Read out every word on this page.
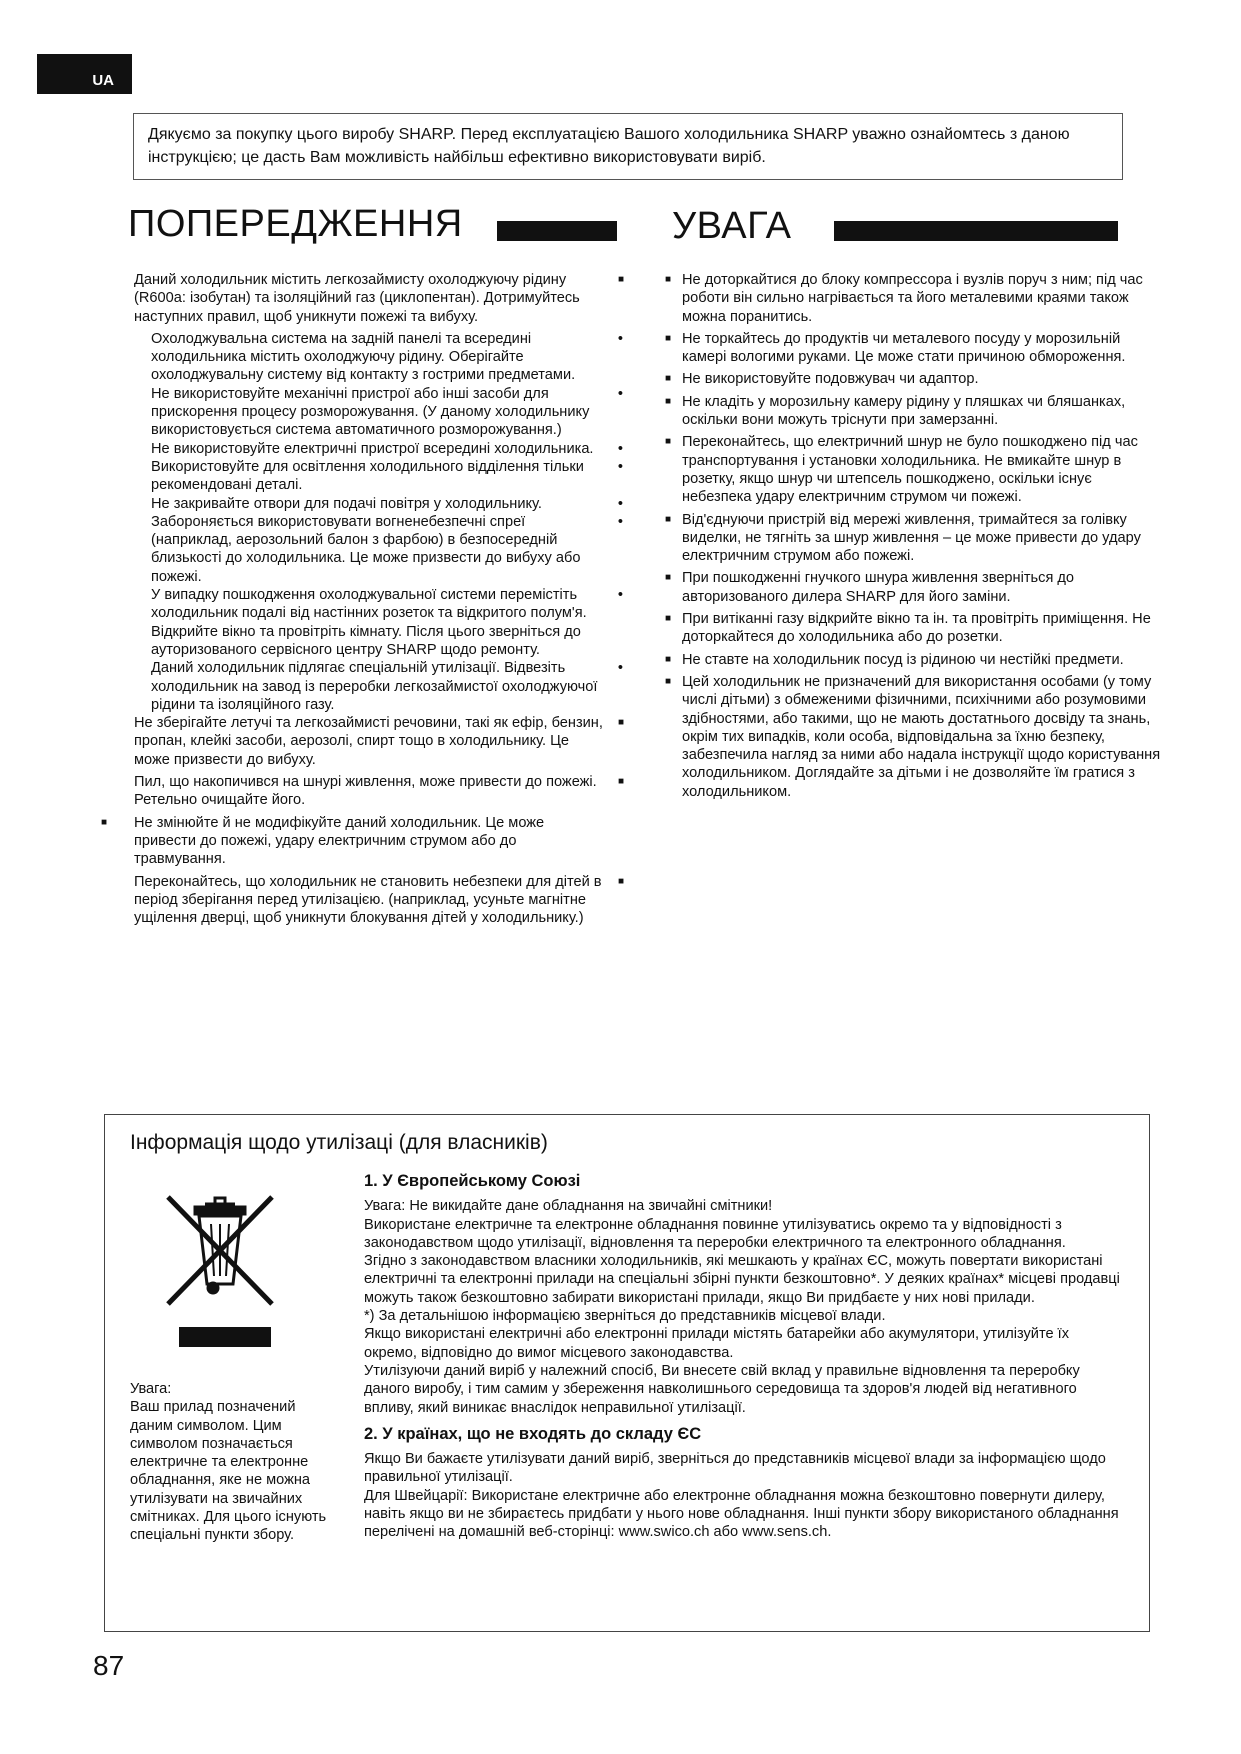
UA
Дякуємо за покупку цього виробу SHARP. Перед експлуатацією Вашого холодильника SHARP уважно ознайомтесь з даною інструкцією; це дасть Вам можливість найбільш ефективно використовувати виріб.
ПОПЕРЕДЖЕННЯ	УВАГА

Даний холодильник містить легкозаймисту охолоджуючу рідину (R600a: ізобутан) та ізоляційний газ (циклопентан). Дотримуйтесь наступних правил, щоб уникнути пожежі та вибуху. ■

Охолоджувальна система на задній панелі та всередині холодильника містить охолоджуючу рідину. Оберігайте охолоджувальну систему від контакту з гострими предметами. •

Не використовуйте механічні пристрої або інші засоби для прискорення процесу розморожування. (У даному холодильнику використовується система автоматичного розморожування.) •

Не використовуйте електричні пристрої всередині холодильника. •

Використовуйте для освітлення холодильного відділення тільки рекомендовані деталі. •

Не закривайте отвори для подачі повітря у холодильнику. •

Забороняється використовувати вогненебезпечні спреї (наприклад, аерозольний балон з фарбою) в безпосередній близькості до холодильника. Це може призвести до вибуху або пожежі. •

У випадку пошкодження охолоджувальної системи перемістіть холодильник подалі від настінних розеток та відкритого полум'я. Відкрийте вікно та провітріть кімнату. Після цього зверніться до ауторизованого сервісного центру SHARP щодо ремонту. •

Даний холодильник підлягає спеціальній утилізації. Відвезіть холодильник на завод із переробки легкозаймистої охолоджуючої рідини та ізоляційного газу. •

Не зберігайте летучі та легкозаймисті речовини, такі як ефір, бензин, пропан, клейкі засоби, аерозолі, спирт тощо в холодильнику. Це може призвести до вибуху. ■

Пил, що накопичився на шнурі живлення, може привести до пожежі. Ретельно очищайте його. ■

■ Не змінюйте й не модифікуйте даний холодильник. Це може привести до пожежі, удару електричним струмом або до травмування.

Переконайтесь, що холодильник не становить небезпеки для дітей в період зберігання перед утилізацією. (наприклад, усуньте магнітне ущілення дверці, щоб уникнути блокування дітей у холодильнику.) ■

■ Не доторкайтися до блоку компрессора і вузлів поруч з ним; під час роботи він сильно нагрівається та його металевими краями також можна поранитись.

■ Не торкайтесь до продуктів чи металевого посуду у морозильній камері вологими руками. Це може стати причиною обмороження.

■ Не використовуйте подовжувач чи адаптор.

■ Не кладіть у морозильну камеру рідину у пляшках чи бляшанках, оскільки вони можуть тріснути при замерзанні.

■ Переконайтесь, що електричний шнур не було пошкоджено під час транспортування і установки холодильника. Не вмикайте шнур в розетку, якщо шнур чи штепсель пошкоджено, оскільки існує небезпека удару електричним струмом чи пожежі.

■ Від'єднуючи пристрій від мережі живлення, тримайтеся за голівку виделки, не тягніть за шнур живлення – це може привести до удару електричним струмом або пожежі.

■ При пошкодженні гнучкого шнура живлення зверніться до авторизованого дилера SHARP для його заміни.

■ При витіканні газу відкрийте вікно та ін. та провітріть приміщення. Не доторкайтеся до холодильника або до розетки.

■ Не ставте на холодильник посуд із рідиною чи нестійкі предмети.

■ Цей холодильник не призначений для використання особами (у тому числі дітьми) з обмеженими фізичними, психічними або розумовими здібностями, або такими, що не мають достатнього досвіду та знань, окрім тих випадків, коли особа, відповідальна за їхню безпеку, забезпечила нагляд за ними або надала інструкції щодо користування холодильником. Доглядайте за дітьми і не дозволяйте їм гратися з холодильником.

Інформація щодо утилізаці (для власників)

Увага:

Ваш прилад позначений даним символом. Цим символом позначається електричне та електронне обладнання, яке не можна утилізувати на звичайних смітниках. Для цього існують спеціальні пункти збору.

1. У Європейському Союзі

Увага: Не викидайте дане обладнання на звичайні смітники!

Використане електричне та електронне обладнання повинне утилізуватись окремо та у відповідності з законодавством щодо утилізації, відновлення та переробки електричного та електронного обладнання.

Згідно з законодавством власники холодильників, які мешкають у країнах ЄС, можуть повертати використані електричні та електронні прилади на спеціальні збірні пункти безкоштовно*. У деяких країнах* місцеві продавці можуть також безкоштовно забирати використані прилади, якщо Ви придбаєте у них нові прилади.

*) За детальнішою інформацією зверніться до представників місцевої влади.

Якщо використані електричні або електронні прилади містять батарейки або акумулятори, утилізуйте їх окремо, відповідно до вимог місцевого законодавства.

Утилізуючи даний виріб у належний спосіб, Ви внесете свій вклад у правильне відновлення та переробку даного виробу, і тим самим у збереження навколишнього середовища та здоров'я людей від негативного впливу, який виникає внаслідок неправильної утилізації.

2. У країнах, що не входять до складу ЄС

Якщо Ви бажаєте утилізувати даний виріб, зверніться до представників місцевої влади за інформацією щодо правильної утилізації.

Для Швейцарії: Використане електричне або електронне обладнання можна безкоштовно повернути дилеру, навіть якщо ви не збираєтесь придбати у нього нове обладнання. Інші пункти збору використаного обладнання перелічені на домашній веб-сторінці: www.swico.ch або www.sens.ch.

87
